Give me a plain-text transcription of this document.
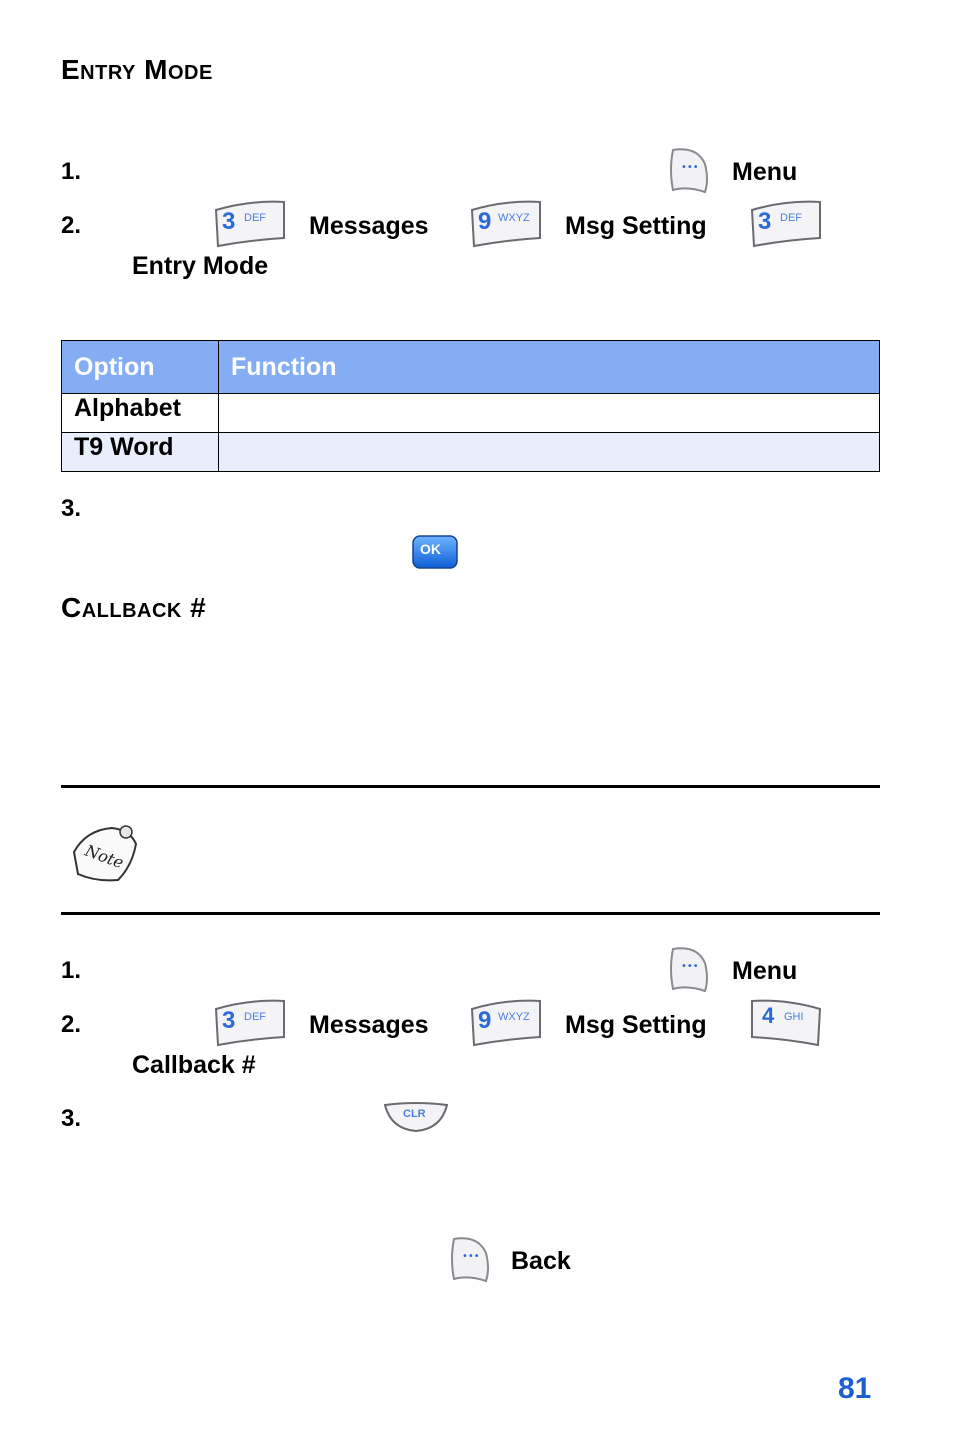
Entry Mode
1.	••• Menu
2.	3 DEF Messages 9 WXYZ Msg Setting 3 DEF
Entry Mode
Option	Function
Alphabet	
T9 Word	
3.
OK
Callback #
Note
1.	••• Menu
2.	3 DEF Messages 9 WXYZ Msg Setting	4 GHI
Callback #
3.	CLR
••• Back
81
